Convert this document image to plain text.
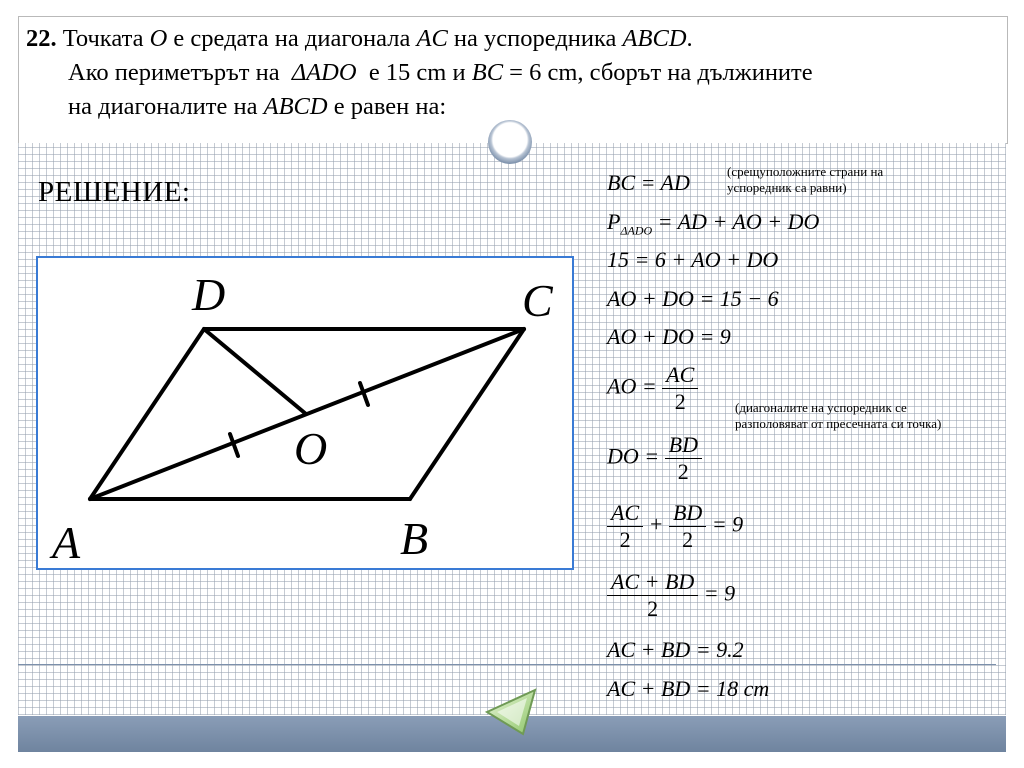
22. Точката O е средата на диагонала AC на успоредника ABCD.
Ако периметърът на  ΔADO  е 15 cm и BC = 6 cm, сборът на дължините
на диагоналите на ABCD е равен на:
РЕШЕНИЕ:
A	B
C
D
O
BC = AD	(срещуположните страни на успоредник са равни)
$P_{\Delta ADO}$ = AD + AO + DO
15 = 6 + AO + DO
AO + DO = 15 − 6
AO + DO = 9
AO = $\frac{AC}{2}$	(диагоналите на успоредник се разполовяват от пресечната си точка)
DO = $\frac{BD}{2}$
$\frac{AC}{2} + \frac{BD}{2} = 9$
$\frac{AC + BD}{2} = 9$
AC + BD = 9.2
AC + BD = 18 cm
